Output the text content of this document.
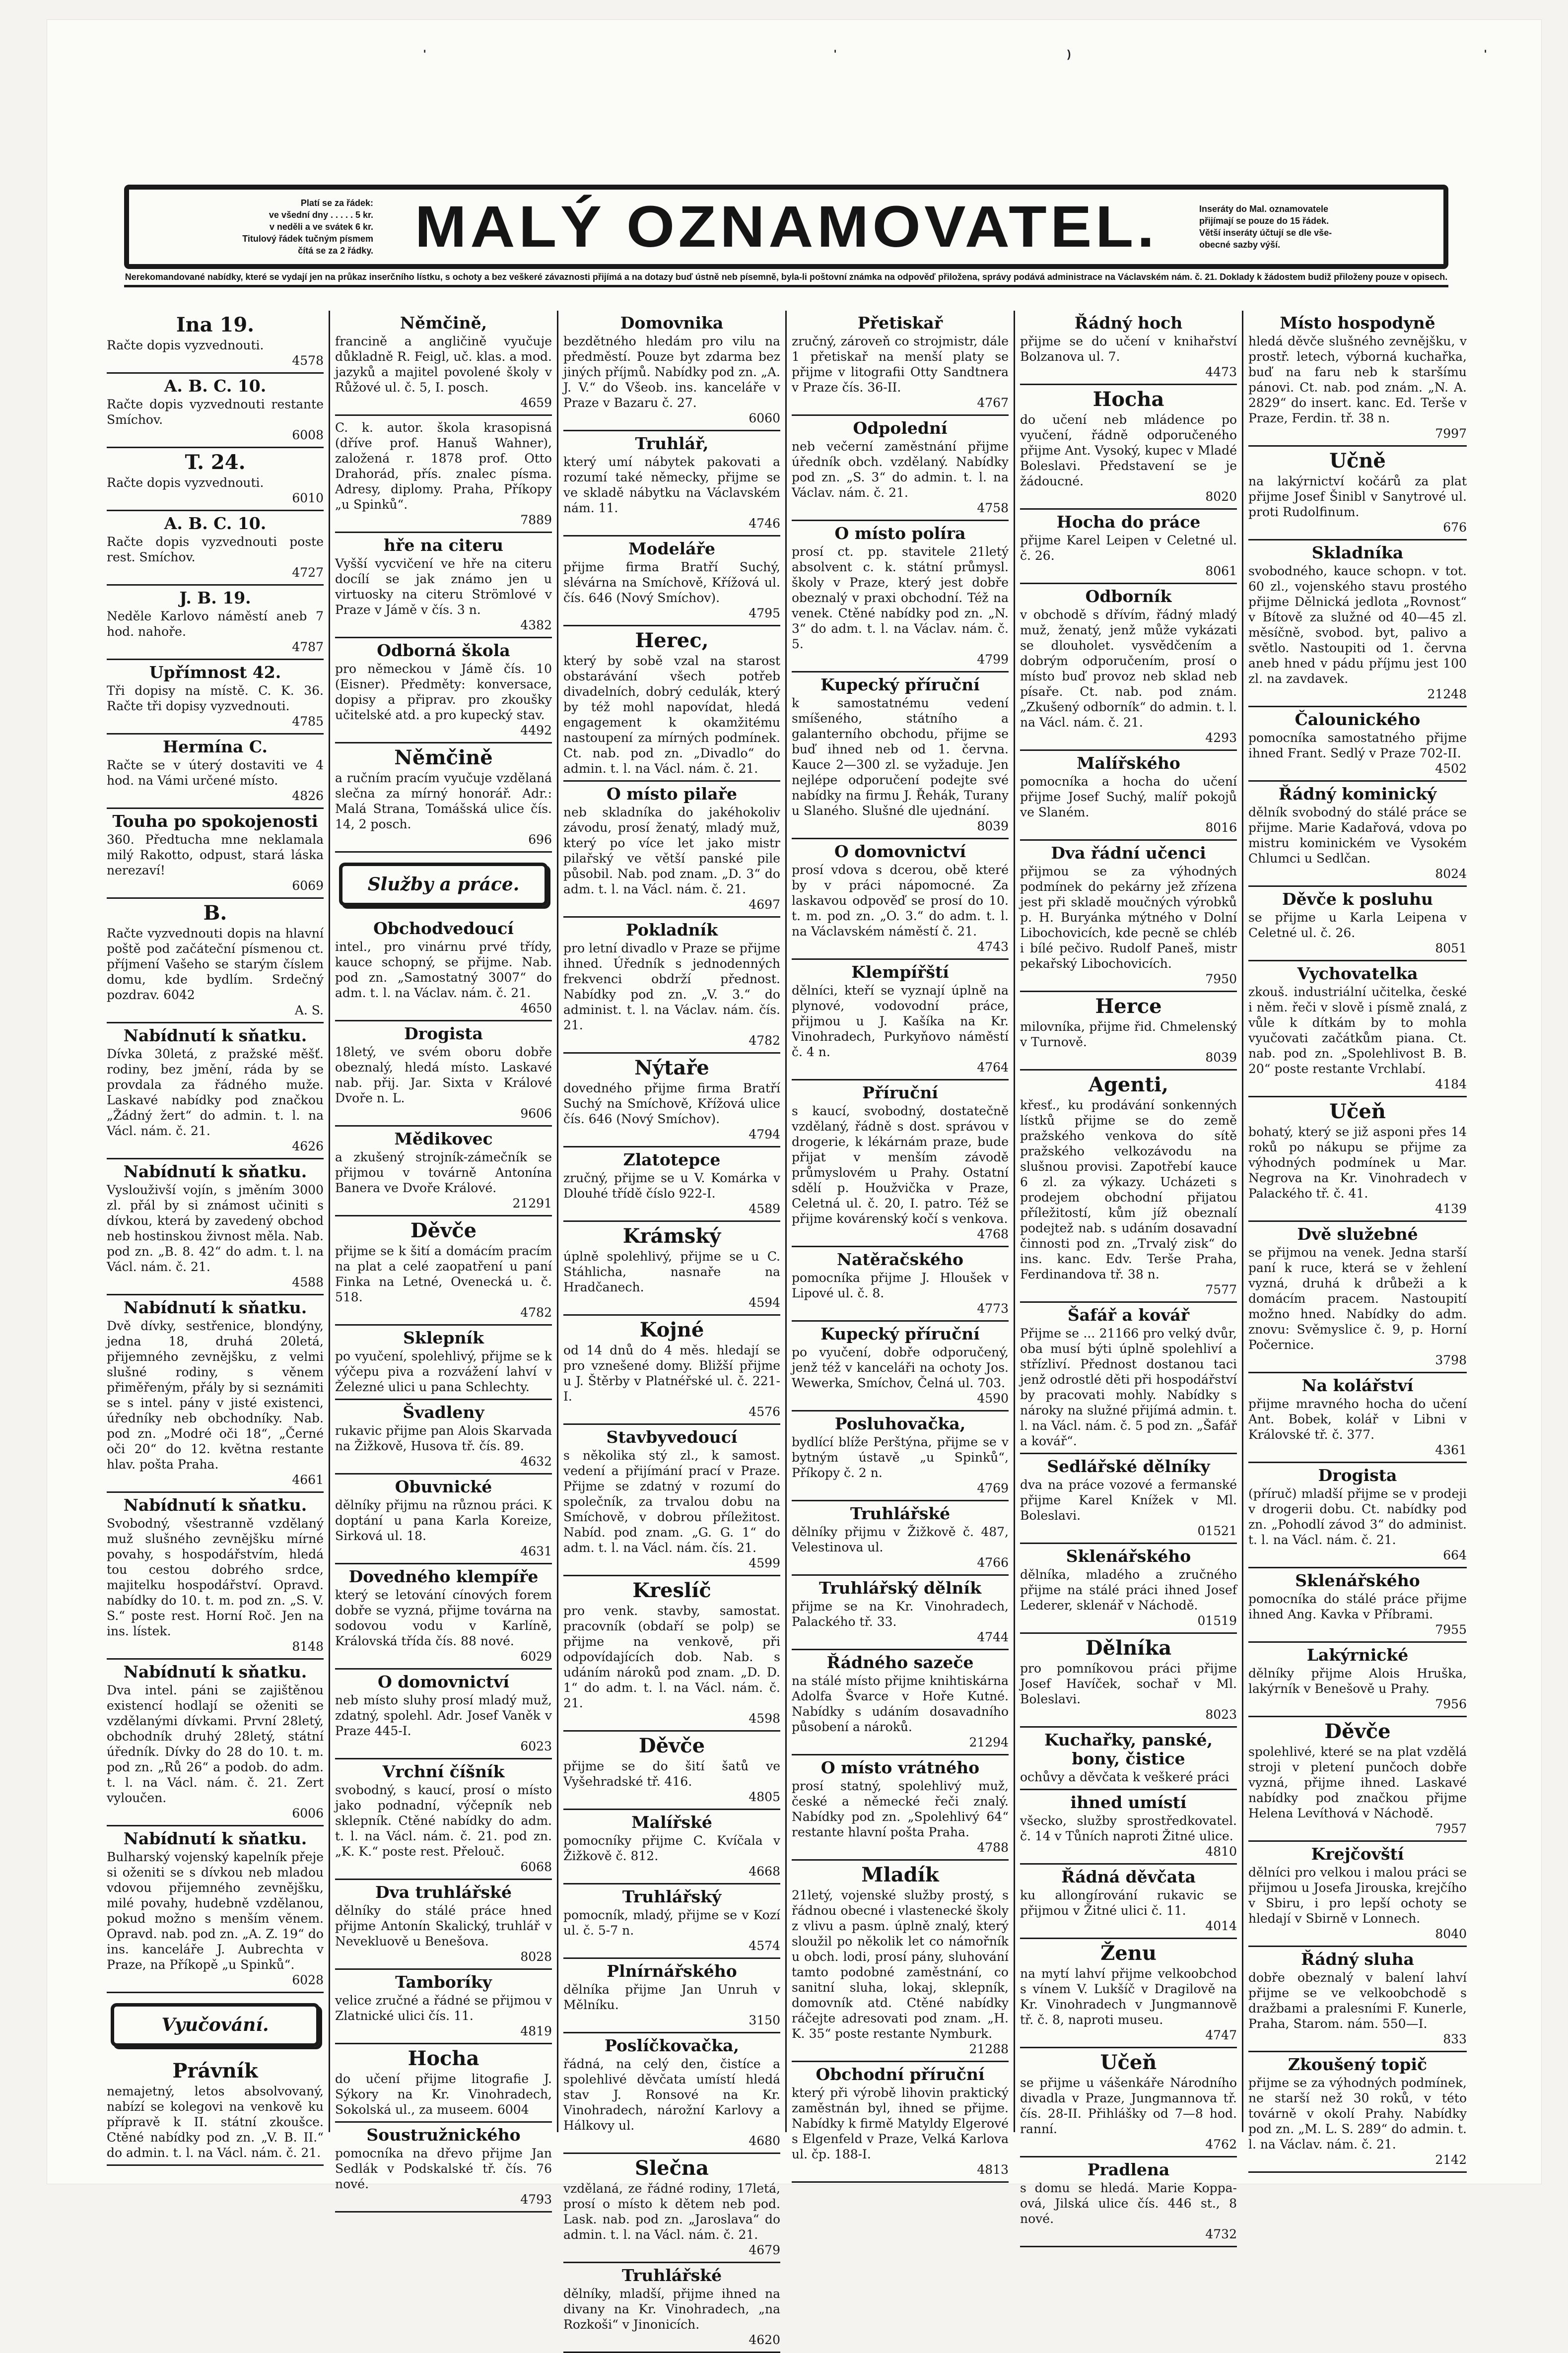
'	'	)	'
Platí se za řádek:
ve všední dny . . . . . 5 kr.
v neděli a ve svátek 6 kr.
Titulový řádek tučným písmem
čítá se za 2 řádky. MALÝ OZNAMOVATEL.	Inseráty do Mal. oznamovatele
přijímají se pouze do 15 řádek.
Větší inseráty účtují se dle vše-
obecné sazby výší.
Nerekomandované nabídky, které se vydají jen na průkaz inserčního lístku, s ochoty a bez veškeré závaznosti přijímá a na dotazy buď ústně neb písemně, byla-li poštovní známka na odpověď přiložena, správy podává administrace na Václavském nám. č. 21. Doklady k žádostem budiž přiloženy pouze v opisech.
Ina 19.
Račte dopis vyzvednouti.
4578
A. B. C. 10.
Račte dopis vyzvednouti restante Smíchov.
6008
T. 24.
Račte dopis vyzvednouti.
6010
A. B. C. 10.
Račte dopis vyzvednouti poste rest. Smíchov.
4727
J. B. 19.
Neděle Karlovo náměstí aneb 7 hod. nahoře.
4787
Upřímnost 42.
Tři dopisy na místě. C. K. 36. Račte tři dopisy vyzvednouti.
4785
Hermína C.
Račte se v úterý dostaviti ve 4 hod. na Vámi určené místo.
4826
Touha po spokojenosti
360. Předtucha mne neklamala milý Rakotto, odpust, stará láska nerezaví!
6069
B.
Račte vyzvednouti dopis na hlavní poště pod začáteční písmenou ct. příjmení Vašeho se starým číslem domu, kde bydlím. Srdečný pozdrav. 6042
A. S.
Nabídnutí k sňatku.
Dívka 30letá, z pražské měšť. rodiny, bez jmění, ráda by se provdala za řádného muže. Laskavé nabídky pod značkou „Žádný žert“ do admin. t. l. na Václ. nám. č. 21.
4626
Nabídnutí k sňatku.
Vyslouživší vojín, s jměním 3000 zl. přál by si známost učiniti s dívkou, která by zavedený obchod neb hostinskou živnost měla. Nab. pod zn. „B. 8. 42“ do adm. t. l. na Václ. nám. č. 21.
4588
Nabídnutí k sňatku.
Dvě dívky, sestřenice, blondýny, jedna 18, druhá 20letá, přijemného zevnějšku, z velmi slušné rodiny, s věnem přiměřeným, přály by si seznámiti se s intel. pány v jisté existenci, úředníky neb obchodníky. Nab. pod zn. „Modré oči 18“, „Černé oči 20“ do 12. května restante hlav. pošta Praha.
4661
Nabídnutí k sňatku.
Svobodný, všestranně vzdělaný muž slušného zevnějšku mírné povahy, s hospodářstvím, hledá tou cestou dobrého srdce, majitelku hospodářství. Opravd. nabídky do 10. t. m. pod zn. „S. V. S.“ poste rest. Horní Roč. Jen na ins. lístek.
8148
Nabídnutí k sňatku.
Dva intel. páni se zajištěnou existencí hodlají se oženiti se vzdělanými dívkami. První 28letý, obchodník druhý 28letý, státní úředník. Dívky do 28 do 10. t. m. pod zn. „Rů 26“ a podob. do adm. t. l. na Václ. nám. č. 21. Zert vyloučen.
6006
Nabídnutí k sňatku.
Bulharský vojenský kapelník přeje si oženiti se s dívkou neb mladou vdovou přijemného zevnějšku, milé povahy, hudebně vzdělanou, pokud možno s menším věnem. Opravd. nab. pod zn. „A. Z. 19“ do ins. kanceláře J. Aubrechta v Praze, na Příkopě „u Spinků“.
6028
Vyučování.
Právník
nemajetný, letos absolvovaný, nabízí se kolegovi na venkově ku přípravě k II. státní zkoušce. Ctěné nabídky pod zn. „V. B. II.“ do admin. t. l. na Václ. nám. č. 21.
Němčině,
francině a angličině vyučuje důkladně R. Feigl, uč. klas. a mod. jazyků a majitel povolené školy v Růžové ul. č. 5, I. posch.
4659
C. k. autor. škola krasopisná (dříve prof. Hanuš Wahner), založená r. 1878 prof. Otto Drahorád, přís. znalec písma. Adresy, diplomy. Praha, Příkopy „u Spinků“.
7889
hře na citeru
Vyšší vycvičení ve hře na citeru docílí se jak známo jen u virtuosky na citeru Strömlové v Praze v Jámě v čís. 3 n.
4382
Odborná škola
pro německou v Jámě čís. 10 (Eisner). Předměty: konversace, dopisy a připrav. pro zkoušky učitelské atd. a pro kupecký stav.
4492
Němčině
a ručním pracím vyučuje vzdělaná slečna za mírný honorář. Adr.: Malá Strana, Tomášská ulice čís. 14, 2 posch.
696
Služby a práce.
Obchodvedoucí
intel., pro vinárnu prvé třídy, kauce schopný, se přijme. Nab. pod zn. „Samostatný 3007“ do adm. t. l. na Václav. nám. č. 21.
4650
Drogista
18letý, ve svém oboru dobře obeznalý, hledá místo. Laskavé nab. přij. Jar. Sixta v Králové Dvoře n. L.
9606
Mědikovec
a zkušený strojník-zámečník se přijmou v továrně Antonína Banera ve Dvoře Králové.
21291
Děvče
přijme se k šití a domácím pracím na plat a celé zaopatření u paní Finka na Letné, Ovenecká u. č. 518.
4782
Sklepník
po vyučení, spolehlivý, přijme se k výčepu piva a rozvážení lahví v Železné ulici u pana Schlechty.
Švadleny
rukavic přijme pan Alois Skarvada na Žižkově, Husova tř. čís. 89.
4632
Obuvnické
dělníky přijmu na různou práci. K doptání u pana Karla Koreize, Sirková ul. 18.
4631
Dovedného klempíře
který se letování cínových forem dobře se vyzná, přijme továrna na sodovou vodu v Karlíně, Královská třída čís. 88 nové.
6029
O domovnictví
neb místo sluhy prosí mladý muž, zdatný, spolehl. Adr. Josef Vaněk v Praze 445-I.
6023
Vrchní číšník
svobodný, s kaucí, prosí o místo jako podnadní, výčepník neb sklepník. Ctěné nabídky do adm. t. l. na Václ. nám. č. 21. pod zn. „K. K.“ poste rest. Přelouč.
6068
Dva truhlářské
dělníky do stálé práce hned přijme Antonín Skalický, truhlář v Nevekluově u Benešova.
8028
Tamboríky
velice zručné a řádné se přijmou v Zlatnické ulici čís. 11.
4819
Hocha
do učení přijme litografie J. Sýkory na Kr. Vinohradech, Sokolská ul., za museem. 6004
Soustružnického
pomocníka na dřevo přijme Jan Sedlák v Podskalské tř. čís. 76 nové.
4793
Domovnika
bezdětného hledám pro vilu na předměstí. Pouze byt zdarma bez jiných příjmů. Nabídky pod zn. „A. J. V.“ do Všeob. ins. kanceláře v Praze v Bazaru č. 27.
6060
Truhlář,
který umí nábytek pakovati a rozumí také německy, přijme se ve skladě nábytku na Václavském nám. 11.
4746
Modeláře
přijme firma Bratří Suchý, slévárna na Smíchově, Křížová ul. čís. 646 (Nový Smíchov).
4795
Herec,
který by sobě vzal na starost obstarávání všech potřeb divadelních, dobrý cedulák, který by též mohl napovídat, hledá engagement k okamžitému nastoupení za mírných podmínek. Ct. nab. pod zn. „Divadlo“ do admin. t. l. na Václ. nám. č. 21.
O místo pilaře
neb skladníka do jakéhokoliv závodu, prosí ženatý, mladý muž, který po více let jako mistr pilařský ve větší panské pile působil. Nab. pod znam. „D. 3“ do adm. t. l. na Václ. nám. č. 21.
4697
Pokladník
pro letní divadlo v Praze se přijme ihned. Úředník s jednodenných frekvenci obdrží přednost. Nabídky pod zn. „V. 3.“ do administ. t. l. na Václav. nám. čís. 21.
4782
Nýtaře
dovedného přijme firma Bratří Suchý na Smíchově, Křížová ulice čís. 646 (Nový Smíchov).
4794
Zlatotepce
zručný, přijme se u V. Komárka v Dlouhé třídě číslo 922-I.
4589
Krámský
úplně spolehlivý, přijme se u C. Stáhlicha, nasnaře na Hradčanech.
4594
Kojné
od 14 dnů do 4 měs. hledají se pro vznešené domy. Bližší přijme u J. Štěrby v Platnéřské ul. č. 221-I.
4576
Stavbyvedoucí
s několika stý zl., k samost. vedení a přijímání prací v Praze. Přijme se zdatný v rozumí do společník, za trvalou dobu na Smíchově, v dobrou příležitost. Nabíd. pod znam. „G. G. 1“ do adm. t. l. na Václ. nám. čís. 21.
4599
Kreslíč
pro venk. stavby, samostat. pracovník (obdaří se polp) se přijme na venkově, při odpovídajících dob. Nab. s udáním nároků pod znam. „D. D. 1“ do adm. t. l. na Václ. nám. č. 21.
4598
Děvče
přijme se do šití šatů ve Vyšehradské tř. 416.
4805
Malířské
pomocníky přijme C. Kvíčala v Žižkově č. 812.
4668
Truhlářský
pomocník, mladý, přijme se v Kozí ul. č. 5-7 n.
4574
Plnírnářského
dělníka přijme Jan Unruh v Mělníku.
3150
Poslíčkovačka,
řádná, na celý den, čistíce a spolehlivé děvčata umístí hledá stav J. Ronsové na Kr. Vinohradech, nárožní Karlovy a Hálkovy ul.
4680
Slečna
vzdělaná, ze řádné rodiny, 17letá, prosí o místo k dětem neb pod. Lask. nab. pod zn. „Jaroslava“ do admin. t. l. na Václ. nám. č. 21.
4679
Truhlářské
dělníky, mladší, přijme ihned na divany na Kr. Vinohradech, „na Rozkoši“ v Jinonicích.
4620
Přetiskař
zručný, zároveň co strojmistr, dále 1 přetiskař na menší platy se přijme v litografii Otty Sandtnera v Praze čís. 36-II.
4767
Odpolední
neb večerní zaměstnání přijme úředník obch. vzdělaný. Nabídky pod zn. „S. 3“ do admin. t. l. na Václav. nám. č. 21.
4758
O místo políra
prosí ct. pp. stavitele 21letý absolvent c. k. státní průmysl. školy v Praze, který jest dobře obeznalý v praxi obchodní. Též na venek. Ctěné nabídky pod zn. „N. 3“ do adm. t. l. na Václav. nám. č. 5.
4799
Kupecký příruční
k samostatnému vedení smíšeného, státního a galanterního obchodu, přijme se buď ihned neb od 1. června. Kauce 2—300 zl. se vyžaduje. Jen nejlépe odporučení podejte své nabídky na firmu J. Řehák, Turany u Slaného. Slušné dle ujednání.
8039
O domovnictví
prosí vdova s dcerou, obě které by v práci nápomocné. Za laskavou odpověď se prosí do 10. t. m. pod zn. „O. 3.“ do adm. t. l. na Václavském náměstí č. 21.
4743
Klempířští
dělníci, kteří se vyznají úplně na plynové, vodovodní práce, přijmou u J. Kašíka na Kr. Vinohradech, Purkyňovo náměstí č. 4 n.
4764
Příruční
s kaucí, svobodný, dostatečně vzdělaný, řádně s dost. správou v drogerie, k lékárnám praze, bude přijat v menším závodě průmyslovém u Prahy. Ostatní sdělí p. Houžvička v Praze, Celetná ul. č. 20, I. patro. Též se přijme kovárenský kočí s venkova.
4768
Natěračského
pomocníka přijme J. Hloušek v Lipové ul. č. 8.
4773
Kupecký příruční
po vyučení, dobře odporučený, jenž též v kanceláři na ochoty Jos. Wewerka, Smíchov, Čelná ul. 703.
4590
Posluhovačka,
bydlící blíže Perštýna, přijme se v bytným ústavě „u Spinků“, Příkopy č. 2 n.
4769
Truhlářské
dělníky přijmu v Žižkově č. 487, Velestinova ul.
4766
Truhlářský dělník
přijme se na Kr. Vinohradech, Palackého tř. 33.
4744
Řádného sazeče
na stálé místo přijme knihtiskárna Adolfa Švarce v Hoře Kutné. Nabídky s udáním dosavadního působení a nároků.
21294
O místo vrátného
prosí statný, spolehlivý muž, české a německé řeči znalý. Nabídky pod zn. „Spolehlivý 64“ restante hlavní pošta Praha.
4788
Mladík
21letý, vojenské služby prostý, s řádnou obecné i vlastenecké školy z vlivu a pasm. úplně znalý, který sloužil po několik let co námořník u obch. lodi, prosí pány, sluhování tamto podobné zaměstnání, co sanitní sluha, lokaj, sklepník, domovník atd. Ctěné nabídky ráčejte adresovati pod znam. „H. K. 35“ poste restante Nymburk.
21288
Obchodní příruční
který při výrobě lihovin praktický zaměstnán byl, ihned se přijme. Nabídky k firmě Matyldy Elgerové s Elgenfeld v Praze, Velká Karlova ul. čp. 188-I.
4813
Řádný hoch
přijme se do učení v knihařství Bolzanova ul. 7.
4473
Hocha
do učení neb mládence po vyučení, řádně odporučeného přijme Ant. Vysoký, kupec v Mladé Boleslavi. Představení se je žádoucné.
8020
Hocha do práce
přijme Karel Leipen v Celetné ul. č. 26.
8061
Odborník
v obchodě s dřívím, řádný mladý muž, ženatý, jenž může vykázati se dlouholet. vysvědčením a dobrým odporučením, prosí o místo buď provoz neb sklad neb písaře. Ct. nab. pod znám. „Zkušený odborník“ do admin. t. l. na Václ. nám. č. 21.
4293
Malířského
pomocníka a hocha do učení přijme Josef Suchý, malíř pokojů ve Slaném.
8016
Dva řádní učenci
přijmou se za výhodných podmínek do pekárny jež zřízena jest při skladě moučných výrobků p. H. Buryánka mýtného v Dolní Libochovicích, kde pecně se chléb i bílé pečivo. Rudolf Paneš, mistr pekařský Libochovicích.
7950
Herce
milovníka, přijme řid. Chmelenský v Turnově.
8039
Agenti,
křesť., ku prodávání sonkenných lístků přijme se do země pražského venkova do sítě pražského velkozávodu na slušnou provisi. Zapotřebí kauce 6 zl. za výkazy. Ucházeti s prodejem obchodní přijatou příležitostí, kům jíž obeznalí podejtež nab. s udáním dosavadní činnosti pod zn. „Trvalý zisk“ do ins. kanc. Edv. Terše Praha, Ferdinandova tř. 38 n.
7577
Šafář a kovář
Přijme se ... 21166 pro velký dvůr, oba musí býti úplně spolehliví a střízliví. Přednost dostanou taci jenž odrostlé děti při hospodářství by pracovati mohly. Nabídky s nároky na služné přijímá admin. t. l. na Václ. nám. č. 5 pod zn. „Šafář a kovář“.
Sedlářské dělníky
dva na práce vozové a fermanské přijme Karel Knížek v Ml. Boleslavi.
01521
Sklenářského
dělníka, mladého a zručného přijme na stálé práci ihned Josef Lederer, sklenář v Náchodě.
01519
Dělníka
pro pomníkovou práci přijme Josef Havíček, sochař v Ml. Boleslavi.
8023
Kuchařky, panské, bony, čistice
ochůvy a děvčata k veškeré práci
ihned umístí
všecko, služby sprostředkovatel. č. 14 v Tůních naproti Žitné ulice.
4810
Řádná děvčata
ku allongírování rukavic se přijmou v Žitné ulici č. 11.
4014
Ženu
na mytí lahví přijme velkoobchod s vínem V. Lukšíč v Dragilově na Kr. Vinohradech v Jungmannově tř. č. 8, naproti museu.
4747
Učeň
se přijme u vášenkáře Národního divadla v Praze, Jungmannova tř. čís. 28-II. Přihlášky od 7—8 hod. ranní.
4762
Pradlena
s domu se hledá. Marie Koppa-ová, Jilská ulice čís. 446 st., 8 nové.
4732
Místo hospodyně
hledá děvče slušného zevnějšku, v prostř. letech, výborná kuchařka, buď na faru neb k staršímu pánovi. Ct. nab. pod znám. „N. A. 2829“ do insert. kanc. Ed. Terše v Praze, Ferdin. tř. 38 n.
7997
Učně
na lakýrnictví kočárů za plat přijme Josef Šinibl v Sanytrové ul. proti Rudolfinum.
676
Skladníka
svobodného, kauce schopn. v tot. 60 zl., vojenského stavu prostého přijme Dělnická jedlota „Rovnost“ v Bítově za služné od 40—45 zl. měsíčně, svobod. byt, palivo a světlo. Nastoupiti od 1. června aneb hned v pádu příjmu jest 100 zl. na zavdavek.
21248
Čalounického
pomocníka samostatného přijme ihned Frant. Sedlý v Praze 702-II.
4502
Řádný kominický
dělník svobodný do stálé práce se přijme. Marie Kadařová, vdova po mistru kominickém ve Vysokém Chlumci u Sedlčan.
8024
Děvče k posluhu
se přijme u Karla Leipena v Celetné ul. č. 26.
8051
Vychovatelka
zkouš. industriální učitelka, české i něm. řeči v slově i písmě znalá, z vůle k dítkám by to mohla vyučovati začátkům piana. Ct. nab. pod zn. „Spolehlivost B. B. 20“ poste restante Vrchlabí.
4184
Učeň
bohatý, který se již asponi přes 14 roků po nákupu se přijme za výhodných podmínek u Mar. Negrova na Kr. Vinohradech v Palackého tř. č. 41.
4139
Dvě služebné
se přijmou na venek. Jedna starší paní k ruce, která se v žehlení vyzná, druhá k drůbeži a k domácím pracem. Nastoupití možno hned. Nabídky do adm. znovu: Svěmyslice č. 9, p. Horní Počernice.
3798
Na kolářství
přijme mravného hocha do učení Ant. Bobek, kolář v Libni v Královské tř. č. 377.
4361
Drogista
(příruč) mladší přijme se v prodeji v drogerii dobu. Ct. nabídky pod zn. „Pohodlí závod 3“ do administ. t. l. na Václ. nám. č. 21.
664
Sklenářského
pomocníka do stálé práce přijme ihned Ang. Kavka v Příbrami.
7955
Lakýrnické
dělníky přijme Alois Hruška, lakýrník v Benešově u Prahy.
7956
Děvče
spolehlivé, které se na plat vzdělá stroji v pletení punčoch dobře vyzná, přijme ihned. Laskavé nabídky pod značkou přijme Helena Levíthová v Náchodě.
7957
Krejčovští
dělníci pro velkou i malou práci se přijmou u Josefa Jirouska, krejčího v Sbiru, i pro lepší ochoty se hledají v Sbirně v Lonnech.
8040
Řádný sluha
dobře obeznalý v balení lahví přijme se ve velkoobchodě s dražbami a pralesními F. Kunerle, Praha, Starom. nám. 550—I.
833
Zkoušený topič
přijme se za výhodných podmínek, ne starší než 30 roků, v této továrně v okolí Prahy. Nabídky pod zn. „M. L. S. 289“ do admin. t. l. na Václav. nám. č. 21.
2142
